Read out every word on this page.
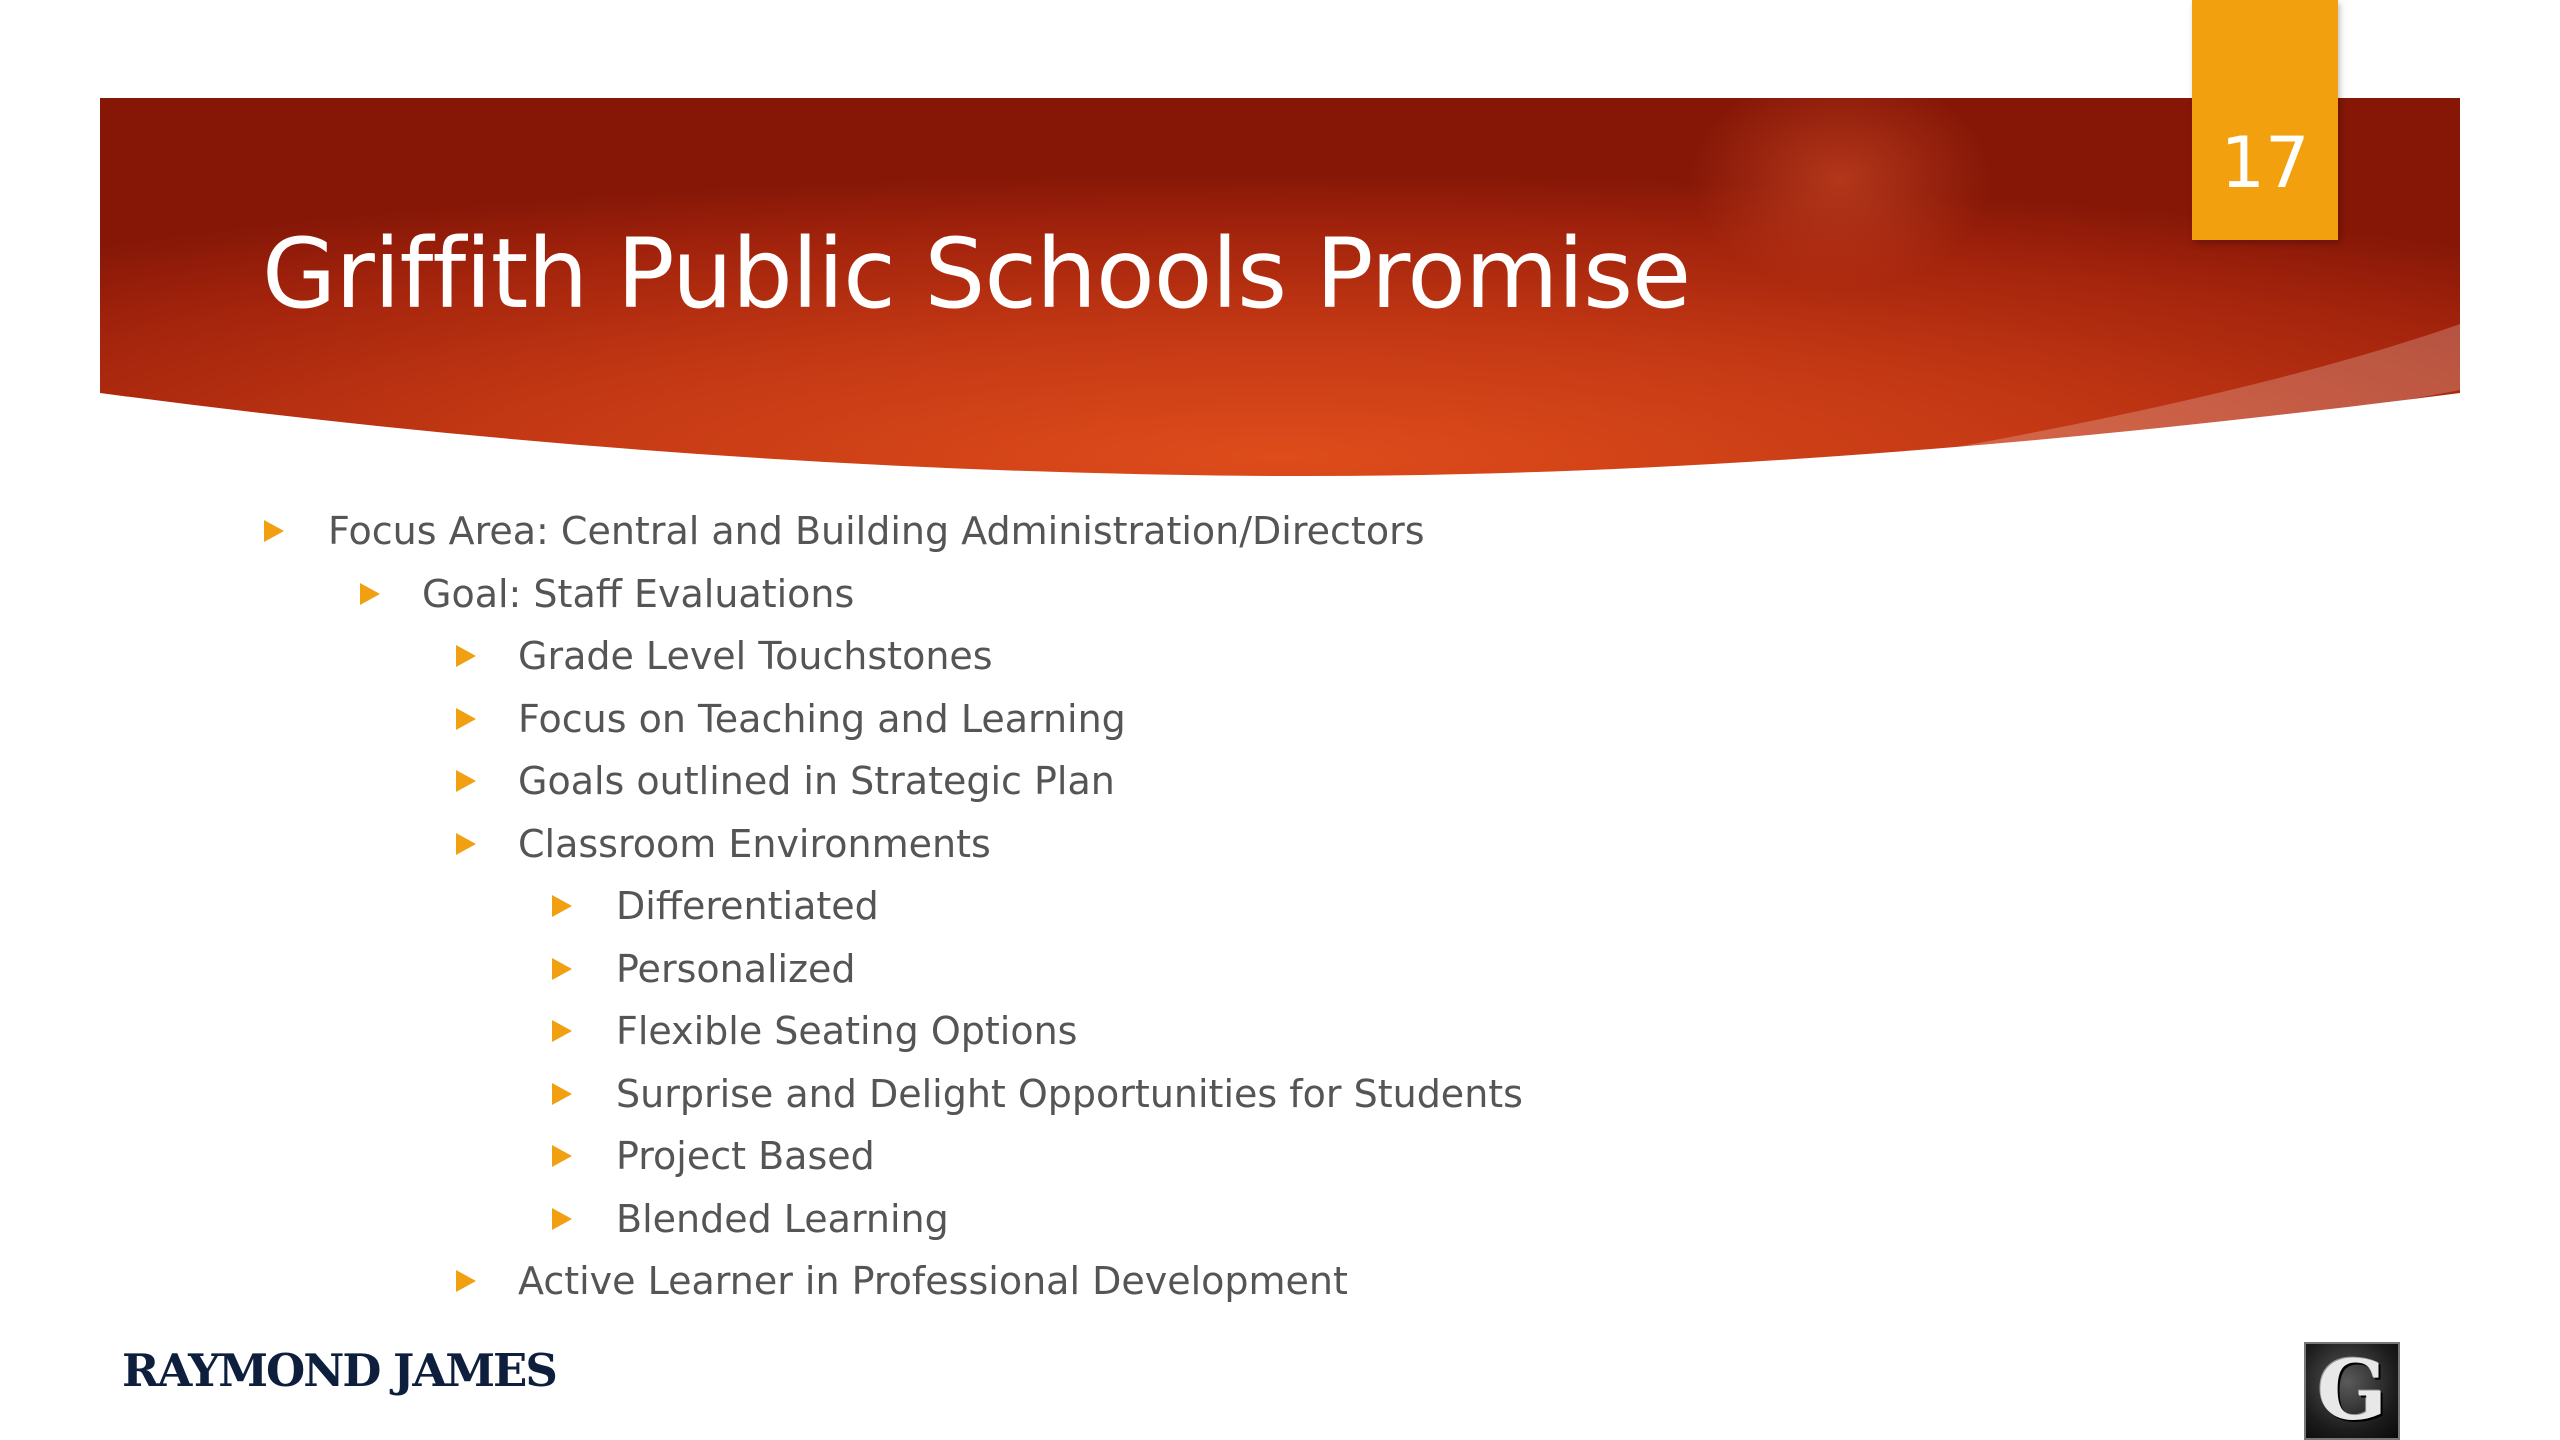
Griffith Public Schools Promise
17
Focus Area: Central and Building Administration/Directors
Goal: Staff Evaluations
Grade Level Touchstones
Focus on Teaching and Learning
Goals outlined in Strategic Plan
Classroom Environments
Differentiated
Personalized
Flexible Seating Options
Surprise and Delight Opportunities for Students
Project Based
Blended Learning
Active Learner in Professional Development
RAYMOND JAMES	G
